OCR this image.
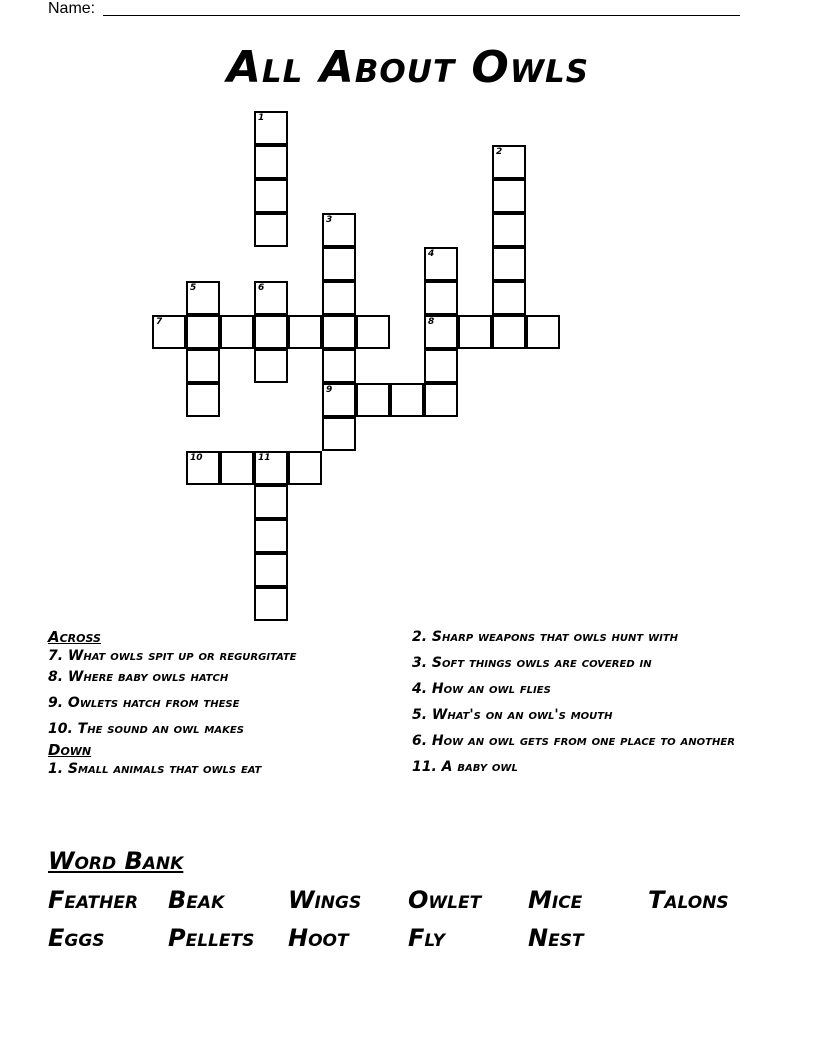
Name:
All About Owls
1
2
3
9
4
8
5	6
7
10	11
Across
7. What owls spit up or regurgitate
8. Where baby owls hatch
9. Owlets hatch from these
10. The sound an owl makes
Down
1. Small animals that owls eat
2. Sharp weapons that owls hunt with
3. Soft things owls are covered in
4. How an owl flies
5. What's on an owl's mouth
6. How an owl gets from one place to another
11. A baby owl
Word Bank
Feather Beak	Wings Owlet Mice	Talons
Eggs	Pellets Hoot Fly	Nest
